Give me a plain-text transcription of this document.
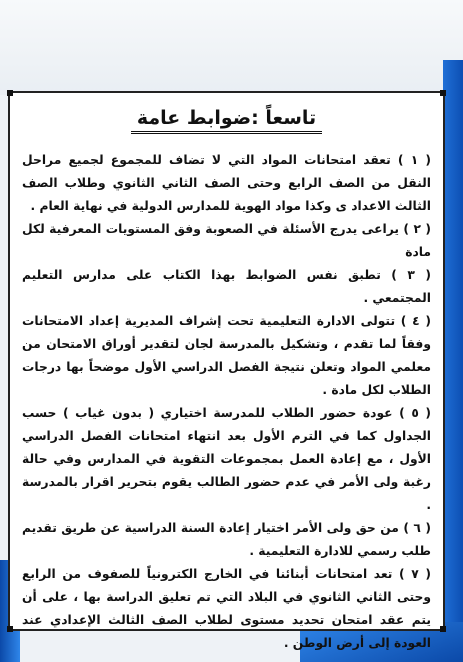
تاسعاً :ضوابط عامة

( ١ ) تعقد امتحانات المواد التي لا تضاف للمجموع لجميع مراحل النقل من الصف الرابع وحتى الصف الثاني الثانوي وطلاب الصف الثالث الاعداد ى وكذا مواد الهوية للمدارس الدولية في نهاية العام .

( ٢ ) يراعى يدرج الأسئلة في الصعوبة وفق المستويات المعرفية لكل مادة

( ٣ ) تطبق نفس الضوابط بهذا الكتاب على مدارس التعليم المجتمعي .

( ٤ ) تتولى الادارة التعليمية تحت إشراف المديرية إعداد الامتحانات وفقاً لما تقدم ، وتشكيل بالمدرسة لجان لتقدير أوراق الامتحان من معلمي المواد وتعلن نتيجة الفصل الدراسي الأول موضحاً بها درجات الطلاب لكل مادة .

( ٥ ) عودة حضور الطلاب للمدرسة اختياري ( بدون غياب ) حسب الجداول كما في الترم الأول بعد انتهاء امتحانات الفصل الدراسي الأول ، مع إعادة العمل بمجموعات التقوية في المدارس وفي حالة رغبة ولى الأمر في عدم حضور الطالب يقوم بتحرير اقرار بالمدرسة .

( ٦ ) من حق ولى الأمر اختيار إعادة السنة الدراسية عن طريق تقديم طلب رسمي للادارة التعليمية .

( ٧ ) تعد امتحانات أبنائنا في الخارج الكترونياً للصفوف من الرابع وحتى الثاني الثانوي في البلاد التي تم تعليق الدراسة بها ، على أن يتم عقد امتحان تحديد مستوى لطلاب الصف الثالث الإعدادي عند العودة إلى أرض الوطن .
